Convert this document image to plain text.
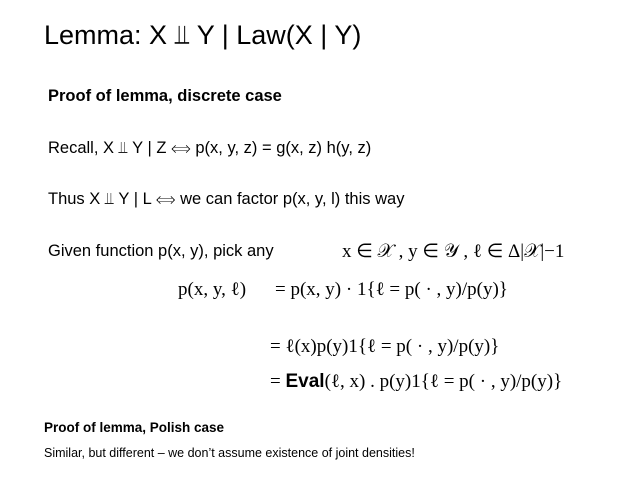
Lemma: X ⫫ Y | Law(X | Y)
Proof of lemma, discrete case
Recall, X ⫫ Y | Z ⟺ p(x, y, z) = g(x, z) h(y, z)
Thus X ⫫ Y | L ⟺ we can factor p(x, y, l) this way
Given function p(x, y), pick any	x ∈ 𝒳 , y ∈ 𝒴 , ℓ ∈ Δ|𝒳|−1
p(x, y, ℓ) = p(x, y) · 1{ℓ = p( · , y)/p(y)}
= ℓ(x)p(y)1{ℓ = p( · , y)/p(y)}
= Eval(ℓ, x) . p(y)1{ℓ = p( · , y)/p(y)}
Proof of lemma, Polish case
Similar, but different – we don’t assume existence of joint densities!
